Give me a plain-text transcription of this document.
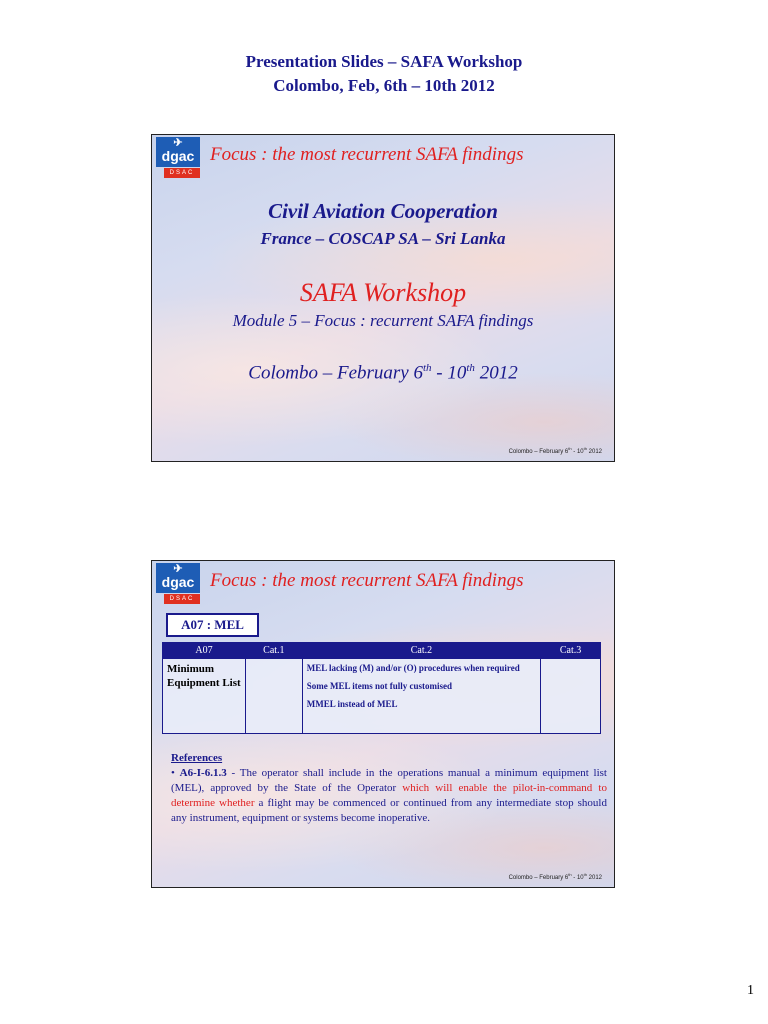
Presentation Slides – SAFA Workshop
Colombo, Feb, 6th – 10th 2012
✈
dgac
DSAC
Focus : the most recurrent SAFA findings
Civil Aviation Cooperation
France – COSCAP SA – Sri Lanka
SAFA Workshop
Module 5 – Focus : recurrent SAFA findings
Colombo – February 6th - 10th 2012
Colombo – February 6th - 10th 2012
✈
dgac
DSAC
Focus : the most recurrent SAFA findings
A07 : MEL
A07	Cat.1	Cat.2	Cat.3
Minimum Equipment List		MEL lacking (M) and/or (O) procedures when required

Some MEL items not fully customised

MMEL instead of MEL	

References
• A6-I-6.1.3 - The operator shall include in the operations manual a minimum equipment list (MEL), approved by the State of the Operator which will enable the pilot-in-command to determine whether a flight may be commenced or continued from any intermediate stop should any instrument, equipment or systems become inoperative.
Colombo – February 6th - 10th 2012
1
